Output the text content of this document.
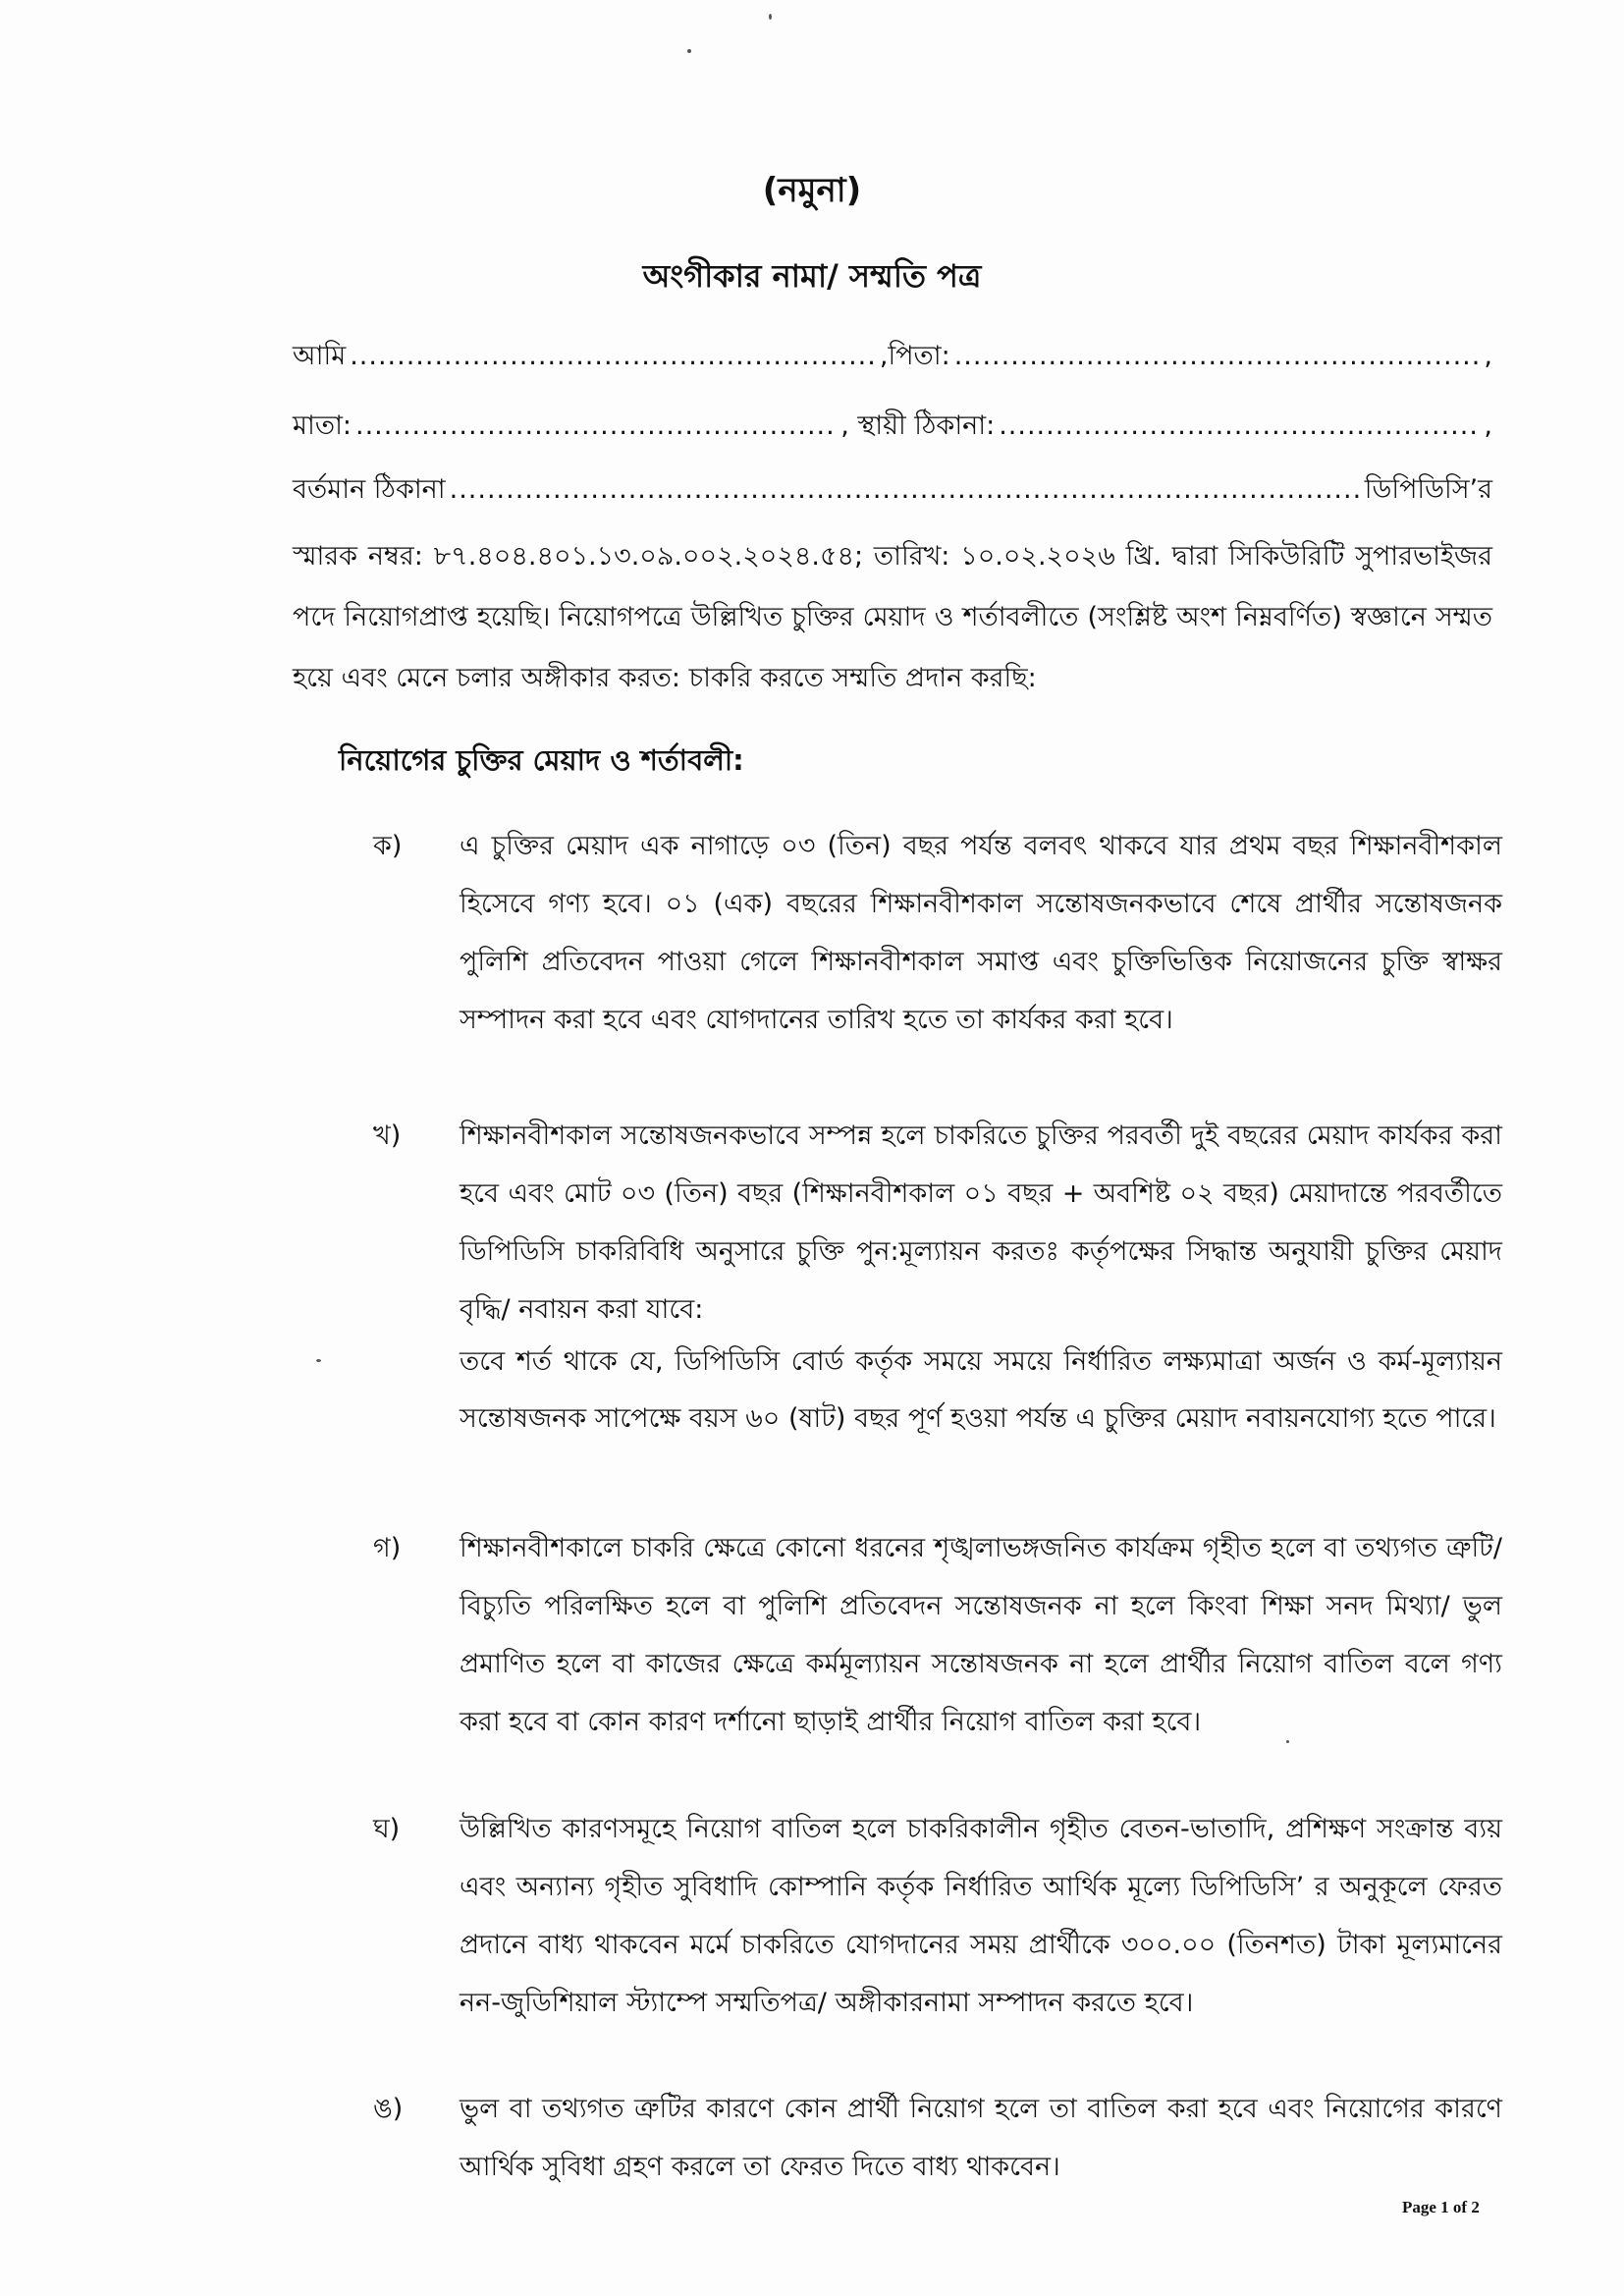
(নমুনা)
অংগীকার নামা/ সম্মতি পত্র
আমি .....	,পিতা: .....	,
মাতা: .....	, স্থায়ী ঠিকানা: .....	,
বর্তমান ঠিকানা .....	ডিপিডিসি’র
স্মারক নম্বর: ৮৭.৪০৪.৪০১.১৩.০৯.০০২.২০২৪.৫৪; তারিখ: ১০.০২.২০২৬ খ্রি. দ্বারা সিকিউরিটি সুপারভাইজর পদে নিয়োগপ্রাপ্ত হয়েছি। নিয়োগপত্রে উল্লিখিত চুক্তির মেয়াদ ও শর্তাবলীতে (সংশ্লিষ্ট অংশ নিম্নবর্ণিত) স্বজ্ঞানে সম্মত হয়ে এবং মেনে চলার অঙ্গীকার করত: চাকরি করতে সম্মতি প্রদান করছি:
নিয়োগের চুক্তির মেয়াদ ও শর্তাবলী:
ক)	এ চুক্তির মেয়াদ এক নাগাড়ে ০৩ (তিন) বছর পর্যন্ত বলবৎ থাকবে যার প্রথম বছর শিক্ষানবীশকাল হিসেবে গণ্য হবে। ০১ (এক) বছরের শিক্ষানবীশকাল সন্তোষজনকভাবে শেষে প্রার্থীর সন্তোষজনক পুলিশি প্রতিবেদন পাওয়া গেলে শিক্ষানবীশকাল সমাপ্ত এবং চুক্তিভিত্তিক নিয়োজনের চুক্তি স্বাক্ষর সম্পাদন করা হবে এবং যোগদানের তারিখ হতে তা কার্যকর করা হবে।
খ)	শিক্ষানবীশকাল সন্তোষজনকভাবে সম্পন্ন হলে চাকরিতে চুক্তির পরবর্তী দুই বছরের মেয়াদ কার্যকর করা হবে এবং মোট ০৩ (তিন) বছর (শিক্ষানবীশকাল ০১ বছর + অবশিষ্ট ০২ বছর) মেয়াদান্তে পরবর্তীতে ডিপিডিসি চাকরিবিধি অনুসারে চুক্তি পুন:মূল্যায়ন করতঃ কর্তৃপক্ষের সিদ্ধান্ত অনুযায়ী চুক্তির মেয়াদ বৃদ্ধি/ নবায়ন করা যাবে:
তবে শর্ত থাকে যে, ডিপিডিসি বোর্ড কর্তৃক সময়ে সময়ে নির্ধারিত লক্ষ্যমাত্রা অর্জন ও কর্ম-মূল্যায়ন সন্তোষজনক সাপেক্ষে বয়স ৬০ (ষাট) বছর পূর্ণ হওয়া পর্যন্ত এ চুক্তির মেয়াদ নবায়নযোগ্য হতে পারে।
গ)	শিক্ষানবীশকালে চাকরি ক্ষেত্রে কোনো ধরনের শৃঙ্খলাভঙ্গজনিত কার্যক্রম গৃহীত হলে বা তথ্যগত ত্রুটি/ বিচ্যুতি পরিলক্ষিত হলে বা পুলিশি প্রতিবেদন সন্তোষজনক না হলে কিংবা শিক্ষা সনদ মিথ্যা/ ভুল প্রমাণিত হলে বা কাজের ক্ষেত্রে কর্মমূল্যায়ন সন্তোষজনক না হলে প্রার্থীর নিয়োগ বাতিল বলে গণ্য করা হবে বা কোন কারণ দর্শানো ছাড়াই প্রার্থীর নিয়োগ বাতিল করা হবে।
ঘ)	উল্লিখিত কারণসমূহে নিয়োগ বাতিল হলে চাকরিকালীন গৃহীত বেতন-ভাতাদি, প্রশিক্ষণ সংক্রান্ত ব্যয় এবং অন্যান্য গৃহীত সুবিধাদি কোম্পানি কর্তৃক নির্ধারিত আর্থিক মূল্যে ডিপিডিসি’ র অনুকূলে ফেরত প্রদানে বাধ্য থাকবেন মর্মে চাকরিতে যোগদানের সময় প্রার্থীকে ৩০০.০০ (তিনশত) টাকা মূল্যমানের নন-জুডিশিয়াল স্ট্যাম্পে সম্মতিপত্র/ অঙ্গীকারনামা সম্পাদন করতে হবে।
ঙ)	ভুল বা তথ্যগত ত্রুটির কারণে কোন প্রার্থী নিয়োগ হলে তা বাতিল করা হবে এবং নিয়োগের কারণে আর্থিক সুবিধা গ্রহণ করলে তা ফেরত দিতে বাধ্য থাকবেন।
Page 1 of 2
